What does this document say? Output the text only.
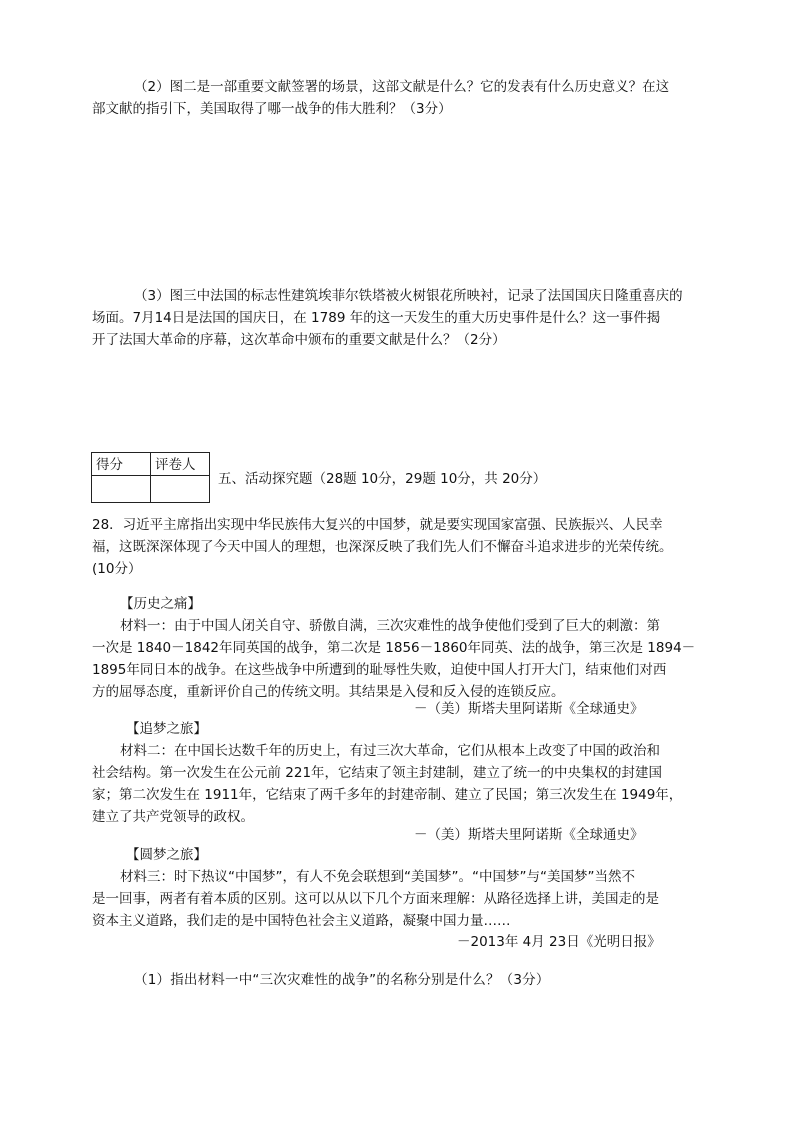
（2）图二是一部重要文献签署的场景，这部文献是什么？它的发表有什么历史意义？在这
部文献的指引下，美国取得了哪一战争的伟大胜利？（3分）
（3）图三中法国的标志性建筑埃菲尔铁塔被火树银花所映衬，记录了法国国庆日隆重喜庆的
场面。7月14日是法国的国庆日，在 1789 年的这一天发生的重大历史事件是什么？这一事件揭
开了法国大革命的序幕，这次革命中颁布的重要文献是什么？（2分）
得分	评卷人

五、活动探究题（28题 10分，29题 10分，共 20分）
28．习近平主席指出实现中华民族伟大复兴的中国梦，就是要实现国家富强、民族振兴、人民幸
福，这既深深体现了今天中国人的理想，也深深反映了我们先人们不懈奋斗追求进步的光荣传统。
(10分）
【历史之痛】
材料一：由于中国人闭关自守、骄傲自满，三次灾难性的战争使他们受到了巨大的刺激：第
一次是 1840－1842年同英国的战争，第二次是 1856－1860年同英、法的战争，第三次是 1894－
1895年同日本的战争。在这些战争中所遭到的耻辱性失败，迫使中国人打开大门，结束他们对西
方的屈辱态度，重新评价自己的传统文明。其结果是入侵和反入侵的连锁反应。
－（美）斯塔夫里阿诺斯《全球通史》
【追梦之旅】
材料二：在中国长达数千年的历史上，有过三次大革命，它们从根本上改变了中国的政治和
社会结构。第一次发生在公元前 221年，它结束了领主封建制，建立了统一的中央集权的封建国
家；第二次发生在 1911年，它结束了两千多年的封建帝制、建立了民国；第三次发生在 1949年，
建立了共产党领导的政权。
－（美）斯塔夫里阿诺斯《全球通史》
【圆梦之旅】
材料三：时下热议“中国梦”，有人不免会联想到“美国梦”。“中国梦”与“美国梦”当然不
是一回事，两者有着本质的区别。这可以从以下几个方面来理解：从路径选择上讲，美国走的是
资本主义道路，我们走的是中国特色社会主义道路，凝聚中国力量……
－2013年 4月 23日《光明日报》
（1）指出材料一中“三次灾难性的战争”的名称分别是什么？（3分）
